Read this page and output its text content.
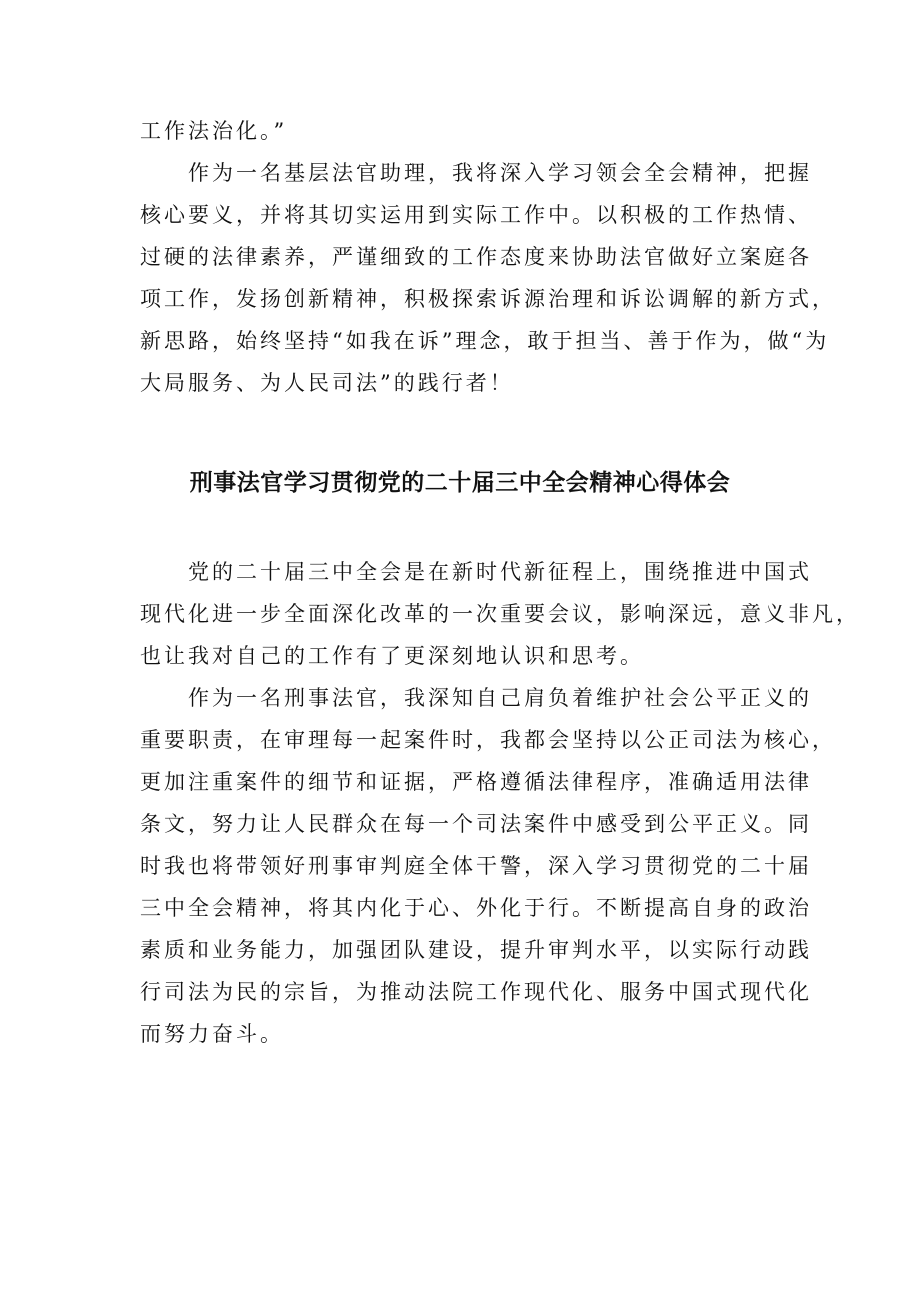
工作法治化。”

作为一名基层法官助理，我将深入学习领会全会精神，把握
核心要义，并将其切实运用到实际工作中。以积极的工作热情、
过硬的法律素养，严谨细致的工作态度来协助法官做好立案庭各
项工作，发扬创新精神，积极探索诉源治理和诉讼调解的新方式，
新思路，始终坚持“如我在诉”理念，敢于担当、善于作为，做“为
大局服务、为人民司法”的践行者！

刑事法官学习贯彻党的二十届三中全会精神心得体会

党的二十届三中全会是在新时代新征程上，围绕推进中国式
现代化进一步全面深化改革的一次重要会议，影响深远，意义非凡，
也让我对自己的工作有了更深刻地认识和思考。

作为一名刑事法官，我深知自己肩负着维护社会公平正义的
重要职责，在审理每一起案件时，我都会坚持以公正司法为核心，
更加注重案件的细节和证据，严格遵循法律程序，准确适用法律
条文，努力让人民群众在每一个司法案件中感受到公平正义。同
时我也将带领好刑事审判庭全体干警，深入学习贯彻党的二十届
三中全会精神，将其内化于心、外化于行。不断提高自身的政治
素质和业务能力，加强团队建设，提升审判水平，以实际行动践
行司法为民的宗旨，为推动法院工作现代化、服务中国式现代化
而努力奋斗。
